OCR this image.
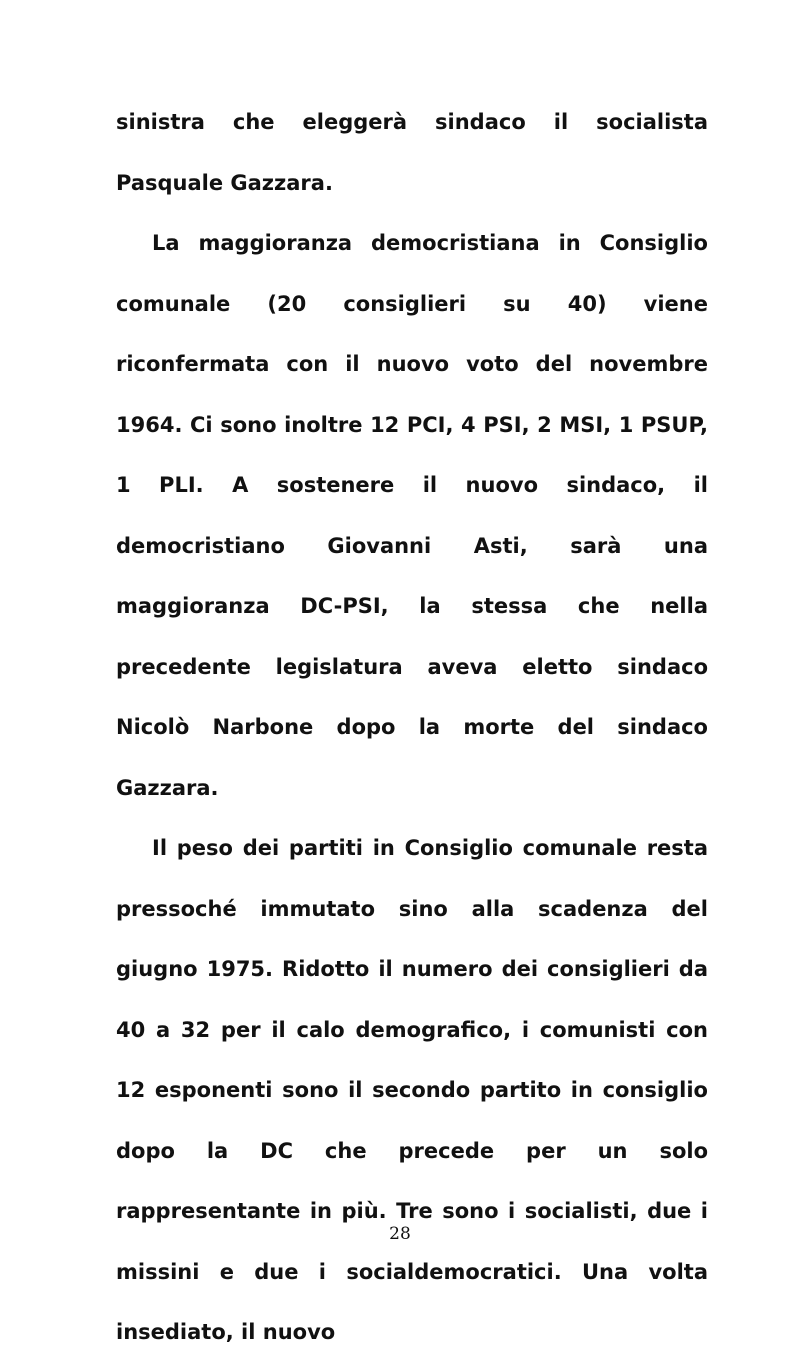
sinistra che eleggerà sindaco il socialista Pasquale Gazzara.

La maggioranza democristiana in Consiglio comunale (20 consiglieri su 40) viene riconfermata con il nuovo voto del novembre 1964. Ci sono inoltre 12 PCI, 4 PSI, 2 MSI, 1 PSUP, 1 PLI. A sostenere il nuovo sindaco, il democristiano Giovanni Asti, sarà una maggioranza DC-PSI, la stessa che nella precedente legislatura aveva eletto sindaco Nicolò Narbone dopo la morte del sindaco Gazzara.

Il peso dei partiti in Consiglio comunale resta pressoché immutato sino alla scadenza del giugno 1975. Ridotto il numero dei consiglieri da 40 a 32 per il calo demografico, i comunisti con 12 esponenti sono il secondo partito in consiglio dopo la DC che precede per un solo rappresentante in più. Tre sono i socialisti, due i missini e due i socialdemocratici. Una volta insediato, il nuovo

28
